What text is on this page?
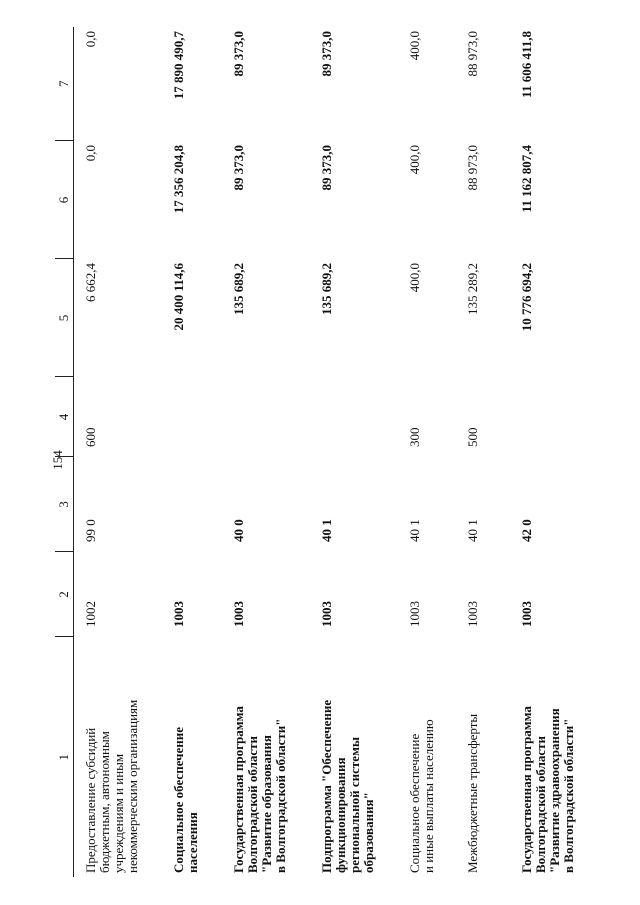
154
1	2	3	4	5	6	7
Предоставление субсидий
бюджетным, автономным
учреждениям и иным
некоммерческим организациям	1002	99 0	600	6 662,4	0,0	0,0
Социальное обеспечение
населения	1003			20 400 114,6	17 356 204,8	17 890 490,7
Государственная программа
Волгоградской области
"Развитие образования
в Волгоградской области"	1003	40 0		135 689,2	89 373,0	89 373,0
Подпрограмма "Обеспечение
функционирования
региональной системы
образования"	1003	40 1		135 689,2	89 373,0	89 373,0
Социальное обеспечение
и иные выплаты населению	1003	40 1	300	400,0	400,0	400,0
Межбюджетные трансферты	1003	40 1	500	135 289,2	88 973,0	88 973,0
Государственная программа
Волгоградской области
"Развитие здравоохранения
в Волгоградской области"	1003	42 0		10 776 694,2	11 162 807,4	11 606 411,8
